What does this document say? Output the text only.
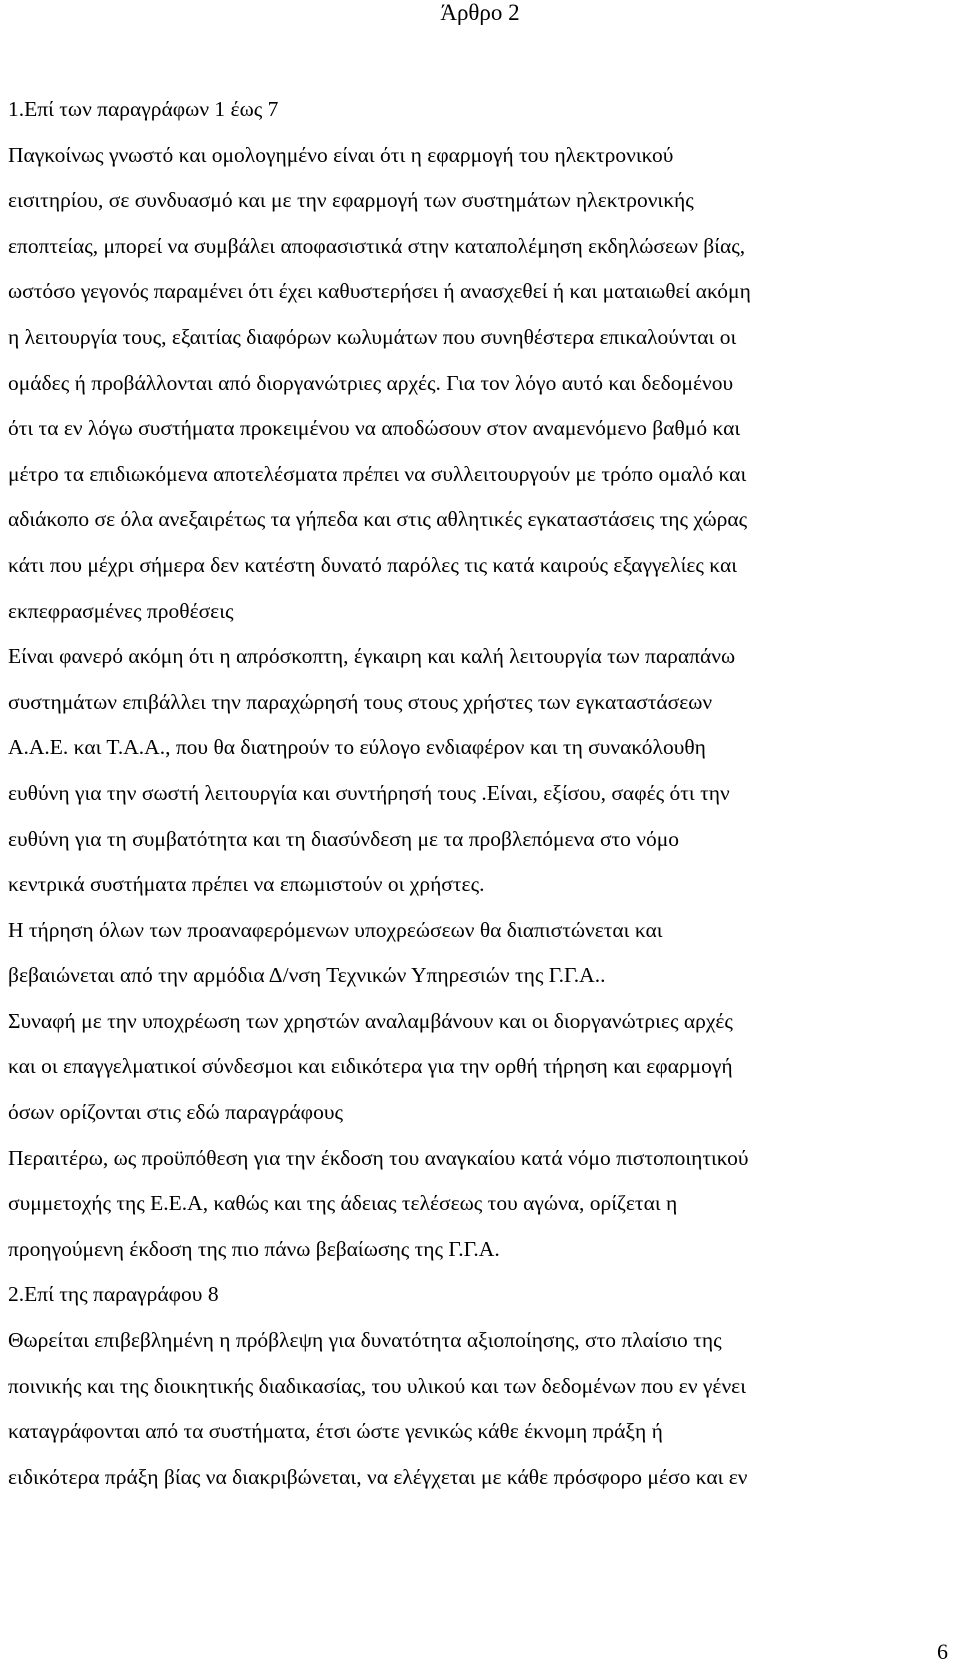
Άρθρο 2
1.Επί των παραγράφων 1 έως 7
Παγκοίνως γνωστό και ομολογημένο είναι ότι η εφαρμογή του ηλεκτρονικού
εισιτηρίου, σε συνδυασμό και με την εφαρμογή των συστημάτων ηλεκτρονικής
εποπτείας, μπορεί να συμβάλει αποφασιστικά στην καταπολέμηση εκδηλώσεων βίας,
ωστόσο γεγονός παραμένει ότι έχει καθυστερήσει ή ανασχεθεί ή και ματαιωθεί ακόμη
η λειτουργία τους, εξαιτίας διαφόρων κωλυμάτων που συνηθέστερα επικαλούνται οι
ομάδες ή προβάλλονται από διοργανώτριες αρχές. Για τον λόγο αυτό και δεδομένου
ότι τα εν λόγω συστήματα προκειμένου να αποδώσουν στον αναμενόμενο βαθμό και
μέτρο τα επιδιωκόμενα αποτελέσματα πρέπει να συλλειτουργούν με τρόπο ομαλό και
αδιάκοπο σε όλα ανεξαιρέτως τα γήπεδα και στις αθλητικές εγκαταστάσεις της χώρας
κάτι που μέχρι σήμερα δεν κατέστη δυνατό παρόλες τις κατά καιρούς εξαγγελίες και
εκπεφρασμένες προθέσεις
Είναι φανερό ακόμη ότι η απρόσκοπτη, έγκαιρη και καλή λειτουργία των παραπάνω
συστημάτων επιβάλλει την παραχώρησή τους στους χρήστες των εγκαταστάσεων
Α.Α.Ε. και Τ.Α.Α., που θα διατηρούν το εύλογο ενδιαφέρον και τη συνακόλουθη
ευθύνη για την σωστή λειτουργία και συντήρησή τους .Είναι, εξίσου, σαφές ότι την
ευθύνη για τη συμβατότητα και τη διασύνδεση με τα προβλεπόμενα στο νόμο
κεντρικά συστήματα πρέπει να επωμιστούν οι χρήστες.
Η τήρηση όλων των προαναφερόμενων υποχρεώσεων θα διαπιστώνεται και
βεβαιώνεται από την αρμόδια Δ/νση Τεχνικών Υπηρεσιών της Γ.Γ.Α..
Συναφή με την υποχρέωση των χρηστών αναλαμβάνουν και οι διοργανώτριες αρχές
και οι επαγγελματικοί σύνδεσμοι και ειδικότερα για την ορθή τήρηση και εφαρμογή
όσων ορίζονται στις εδώ παραγράφους
Περαιτέρω, ως προϋπόθεση για την έκδοση του αναγκαίου κατά νόμο πιστοποιητικού
συμμετοχής της Ε.Ε.Α, καθώς και της άδειας τελέσεως του αγώνα, ορίζεται η
προηγούμενη έκδοση της πιο πάνω βεβαίωσης της Γ.Γ.Α.
2.Επί της παραγράφου 8
Θωρείται επιβεβλημένη η πρόβλεψη για δυνατότητα αξιοποίησης, στο πλαίσιο της
ποινικής και της διοικητικής διαδικασίας, του υλικού και των δεδομένων που εν γένει
καταγράφονται από τα συστήματα, έτσι ώστε γενικώς κάθε έκνομη πράξη ή
ειδικότερα πράξη βίας να διακριβώνεται, να ελέγχεται με κάθε πρόσφορο μέσο και εν
6
